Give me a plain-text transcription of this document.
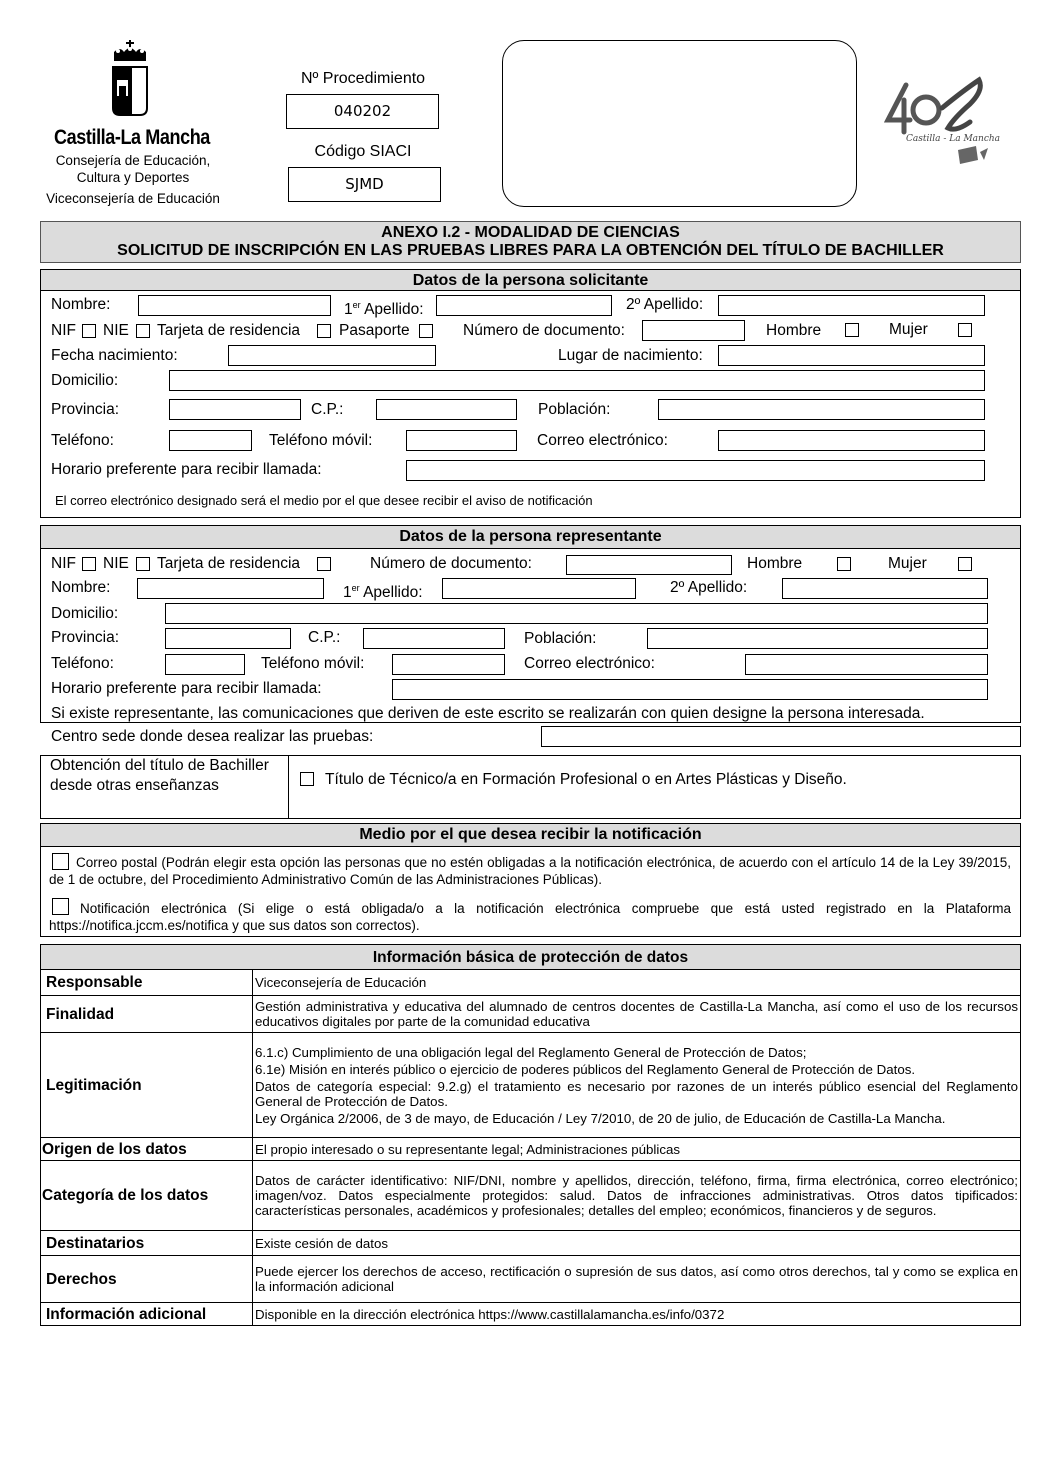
Castilla-La Mancha
Consejería de Educación,
Cultura y Deportes
Viceconsejería de Educación
Nº Procedimiento
040202
Código SIACI
SJMD
Castilla - La Mancha
ANEXO I.2 - MODALIDAD DE CIENCIAS
SOLICITUD DE INSCRIPCIÓN EN LAS PRUEBAS LIBRES PARA LA OBTENCIÓN DEL TÍTULO DE BACHILLER
Datos de la persona solicitante
Nombre:	1er Apellido:	2º Apellido:
NIF NIE Tarjeta de residencia	Pasaporte	Número de documento:	Hombre	Mujer
Fecha nacimiento:	Lugar de nacimiento:
Domicilio:
Provincia:	C.P.:	Población:
Teléfono:	Teléfono móvil:	Correo electrónico:
Horario preferente para recibir llamada:
El correo electrónico designado será el medio por el que desee recibir el aviso de notificación
Datos de la persona representante
NIF NIE Tarjeta de residencia	Número de documento:	Hombre	Mujer
Nombre:	1er Apellido:	2º Apellido:
Domicilio:
Provincia:	C.P.:	Población:
Teléfono:	Teléfono móvil:	Correo electrónico:
Horario preferente para recibir llamada:
Si existe representante, las comunicaciones que deriven de este escrito se realizarán con quien designe la persona interesada.
Centro sede donde desea realizar las pruebas:
Obtención del título de Bachiller
desde otras enseñanzas	Título de Técnico/a en Formación Profesional o en Artes Plásticas y Diseño.
Medio por el que desea recibir la notificación
Correo postal (Podrán elegir esta opción las personas que no estén obligadas a la notificación electrónica, de acuerdo con el artículo 14 de la Ley 39/2015, de 1 de octubre, del Procedimiento Administrativo Común de las Administraciones Públicas).
Notificación electrónica (Si elige o está obligada/o a la notificación electrónica compruebe que está usted registrado en la Plataforma https://notifica.jccm.es/notifica y que sus datos son correctos).
Información básica de protección de datos	
Responsable	Viceconsejería de Educación
Finalidad	Gestión administrativa y educativa del alumnado de centros docentes de Castilla-La Mancha, así como el uso de los recursos educativos digitales por parte de la comunidad educativa
Legitimación	6.1.c) Cumplimiento de una obligación legal del Reglamento General de Protección de Datos;
6.1e) Misión en interés público o ejercicio de poderes públicos del Reglamento General de Protección de Datos.
Datos de categoría especial: 9.2.g) el tratamiento es necesario por razones de un interés público esencial del Reglamento General de Protección de Datos.
Ley Orgánica 2/2006, de 3 de mayo, de Educación / Ley 7/2010, de 20 de julio, de Educación de Castilla-La Mancha.

Origen de los datos	El propio interesado o su representante legal; Administraciones públicas
Categoría de los datos	Datos de carácter identificativo: NIF/DNI, nombre y apellidos, dirección, teléfono, firma, firma electrónica, correo electrónico; imagen/voz. Datos especialmente protegidos: salud. Datos de infracciones administrativas. Otros datos tipificados: características personales, académicos y profesionales; detalles del empleo; económicos, financieros y de seguros.
Destinatarios	Existe cesión de datos
Derechos	Puede ejercer los derechos de acceso, rectificación o supresión de sus datos, así como otros derechos, tal y como se explica en la información adicional
Información adicional	Disponible en la dirección electrónica https://www.castillalamancha.es/info/0372
